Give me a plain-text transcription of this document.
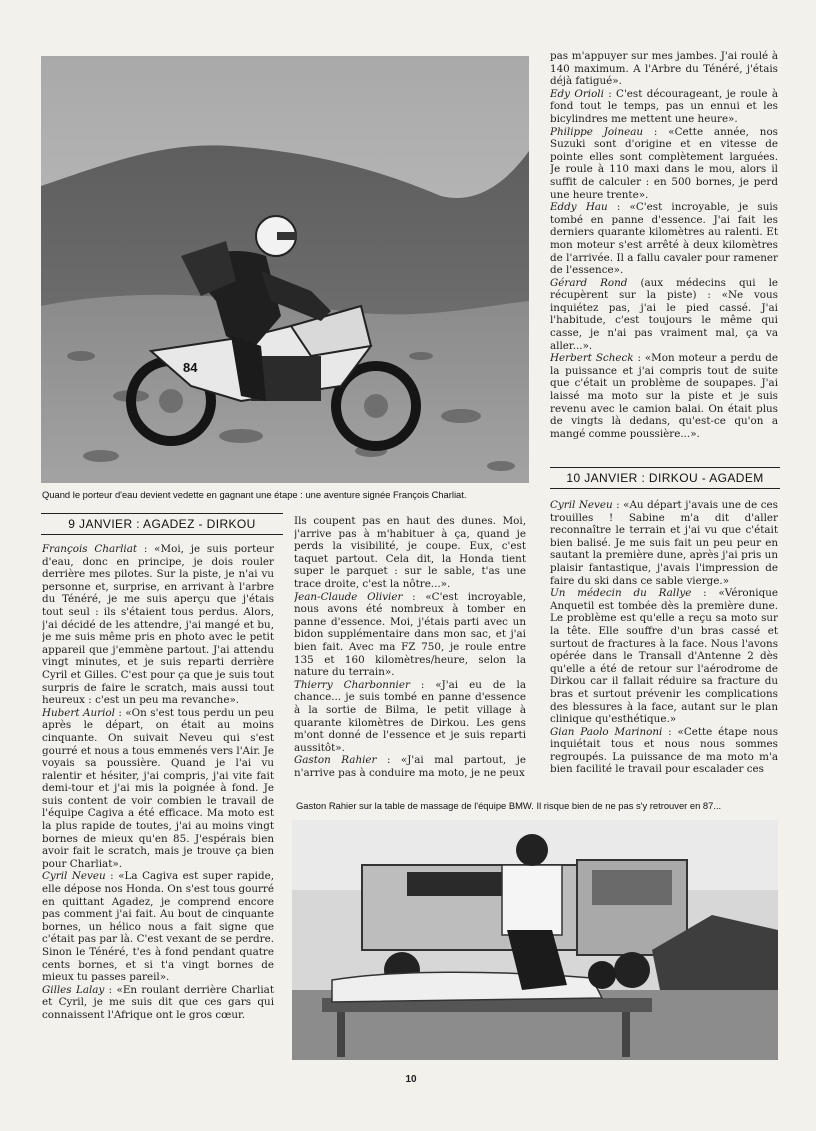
84
Quand le porteur d'eau devient vedette en gagnant une étape : une aventure signée François Charliat.
9 JANVIER : AGADEZ - DIRKOU

François Charliat : «Moi, je suis porteur d'eau, donc en principe, je dois rouler derrière mes pilotes. Sur la piste, je n'ai vu personne et, surprise, en arrivant à l'arbre du Ténéré, je me suis aperçu que j'étais tout seul : ils s'étaient tous perdus. Alors, j'ai décidé de les attendre, j'ai mangé et bu, je me suis même pris en photo avec le petit appareil que j'emmène partout. J'ai attendu vingt minutes, et je suis reparti derrière Cyril et Gilles. C'est pour ça que je suis tout surpris de faire le scratch, mais aussi tout heureux : c'est un peu ma revanche».

Hubert Auriol : «On s'est tous perdu un peu après le départ, on était au moins cinquante. On suivait Neveu qui s'est gourré et nous a tous emmenés vers l'Air. Je voyais sa poussière. Quand je l'ai vu ralentir et hésiter, j'ai compris, j'ai vite fait demi-tour et j'ai mis la poignée à fond. Je suis content de voir combien le travail de l'équipe Cagiva a été efficace. Ma moto est la plus rapide de toutes, j'ai au moins vingt bornes de mieux qu'en 85. J'espérais bien avoir fait le scratch, mais je trouve ça bien pour Charliat».

Cyril Neveu : «La Cagiva est super rapide, elle dépose nos Honda. On s'est tous gourré en quittant Agadez, je comprend encore pas comment j'ai fait. Au bout de cinquante bornes, un hélico nous a fait signe que c'était pas par là. C'est vexant de se perdre. Sinon le Ténéré, t'es à fond pendant quatre cents bornes, et si t'a vingt bornes de mieux tu passes pareil».

Gilles Lalay : «En roulant derrière Charliat et Cyril, je me suis dit que ces gars qui connaissent l'Afrique ont le gros cœur.

Ils coupent pas en haut des dunes. Moi, j'arrive pas à m'habituer à ça, quand je perds la visibilité, je coupe. Eux, c'est taquet partout. Cela dit, la Honda tient super le parquet : sur le sable, t'as une trace droite, c'est la nôtre...».

Jean-Claude Olivier : «C'est incroyable, nous avons été nombreux à tomber en panne d'essence. Moi, j'étais parti avec un bidon supplémentaire dans mon sac, et j'ai bien fait. Avec ma FZ 750, je roule entre 135 et 160 kilomètres/heure, selon la nature du terrain».

Thierry Charbonnier : «J'ai eu de la chance... je suis tombé en panne d'essence à la sortie de Bilma, le petit village à quarante kilomètres de Dirkou. Les gens m'ont donné de l'essence et je suis reparti aussitôt».

Gaston Rahier : «J'ai mal partout, je n'arrive pas à conduire ma moto, je ne peux

pas m'appuyer sur mes jambes. J'ai roulé à 140 maximum. A l'Arbre du Ténéré, j'étais déjà fatigué».

Edy Orioli : C'est décourageant, je roule à fond tout le temps, pas un ennui et les bicylindres me mettent une heure».

Philippe Joineau : «Cette année, nos Suzuki sont d'origine et en vitesse de pointe elles sont complètement larguées. Je roule à 110 maxi dans le mou, alors il suffit de calculer : en 500 bornes, je perd une heure trente».

Eddy Hau : «C'est incroyable, je suis tombé en panne d'essence. J'ai fait les derniers quarante kilomètres au ralenti. Et mon moteur s'est arrêté à deux kilomètres de l'arrivée. Il a fallu cavaler pour ramener de l'essence».

Gérard Rond (aux médecins qui le récupèrent sur la piste) : «Ne vous inquiétez pas, j'ai le pied cassé. J'ai l'habitude, c'est toujours le même qui casse, je n'ai pas vraiment mal, ça va aller...».

Herbert Scheck : «Mon moteur a perdu de la puissance et j'ai compris tout de suite que c'était un problème de soupapes. J'ai laissé ma moto sur la piste et je suis revenu avec le camion balai. On était plus de vingts là dedans, qu'est-ce qu'on a mangé comme poussière...».

10 JANVIER : DIRKOU - AGADEM

Cyril Neveu : «Au départ j'avais une de ces trouilles ! Sabine m'a dit d'aller reconnaître le terrain et j'ai vu que c'était bien balisé. Je me suis fait un peu peur en sautant la première dune, après j'ai pris un plaisir fantastique, j'avais l'impression de faire du ski dans ce sable vierge.»

Un médecin du Rallye : «Véronique Anquetil est tombée dès la première dune. Le problème est qu'elle a reçu sa moto sur la tête. Elle souffre d'un bras cassé et surtout de fractures à la face. Nous l'avons opérée dans le Transall d'Antenne 2 dès qu'elle a été de retour sur l'aérodrome de Dirkou car il fallait réduire sa fracture du bras et surtout prévenir les complications des blessures à la face, autant sur le plan clinique qu'esthétique.»

Gian Paolo Marinoni : «Cette étape nous inquiétait tous et nous nous sommes regroupés. La puissance de ma moto m'a bien facilité le travail pour escalader ces

Gaston Rahier sur la table de massage de l'équipe BMW. Il risque bien de ne pas s'y retrouver en 87...
10
